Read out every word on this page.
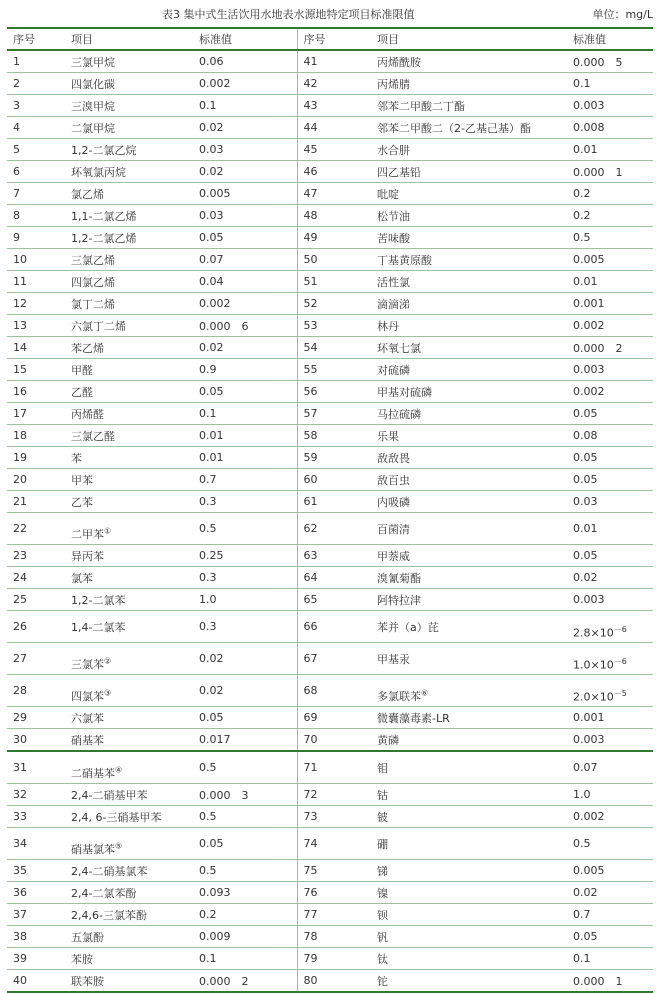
表3 集中式生活饮用水地表水源地特定项目标准限值	单位：mg/L
序号	项目	标准值	序号	项目	标准值
1	三氯甲烷	0.06	41	丙烯酰胺	0.000　5
2	四氯化碳	0.002	42	丙烯腈	0.1
3	三溴甲烷	0.1	43	邻苯二甲酸二丁酯	0.003
4	二氯甲烷	0.02	44	邻苯二甲酸二（2-乙基己基）酯	0.008
5	1,2-二氯乙烷	0.03	45	水合肼	0.01
6	环氧氯丙烷	0.02	46	四乙基铅	0.000　1
7	氯乙烯	0.005	47	吡啶	0.2
8	1,1-二氯乙烯	0.03	48	松节油	0.2
9	1,2-二氯乙烯	0.05	49	苦味酸	0.5
10	三氯乙烯	0.07	50	丁基黄原酸	0.005
11	四氯乙烯	0.04	51	活性氯	0.01
12	氯丁二烯	0.002	52	滴滴涕	0.001
13	六氯丁二烯	0.000　6	53	林丹	0.002
14	苯乙烯	0.02	54	环氧七氯	0.000　2
15	甲醛	0.9	55	对硫磷	0.003
16	乙醛	0.05	56	甲基对硫磷	0.002
17	丙烯醛	0.1	57	马拉硫磷	0.05
18	三氯乙醛	0.01	58	乐果	0.08
19	苯	0.01	59	敌敌畏	0.05
20	甲苯	0.7	60	敌百虫	0.05
21	乙苯	0.3	61	内吸磷	0.03
22	二甲苯①	0.5	62	百菌清	0.01
23	异丙苯	0.25	63	甲萘威	0.05
24	氯苯	0.3	64	溴氰菊酯	0.02
25	1,2-二氯苯	1.0	65	阿特拉津	0.003
26	1,4-二氯苯	0.3	66	苯并（a）芘	$2.8\times 10^{-6}$
27	三氯苯②	0.02	67	甲基汞	$1.0\times 10^{-6}$
28	四氯苯③	0.02	68	多氯联苯⑥	$2.0\times 10^{-5}$
29	六氯苯	0.05	69	微囊藻毒素-LR	0.001
30	硝基苯	0.017	70	黄磷	0.003
31	二硝基苯④	0.5	71	钼	0.07
32	2,4-二硝基甲苯	0.000　3	72	钴	1.0
33	2,4, 6-三硝基甲苯	0.5	73	铍	0.002
34	硝基氯苯⑤	0.05	74	硼	0.5
35	2,4-二硝基氯苯	0.5	75	锑	0.005
36	2,4-二氯苯酚	0.093	76	镍	0.02
37	2,4,6-三氯苯酚	0.2	77	钡	0.7
38	五氯酚	0.009	78	钒	0.05
39	苯胺	0.1	79	钛	0.1
40	联苯胺	0.000　2	80	铊	0.000　1
